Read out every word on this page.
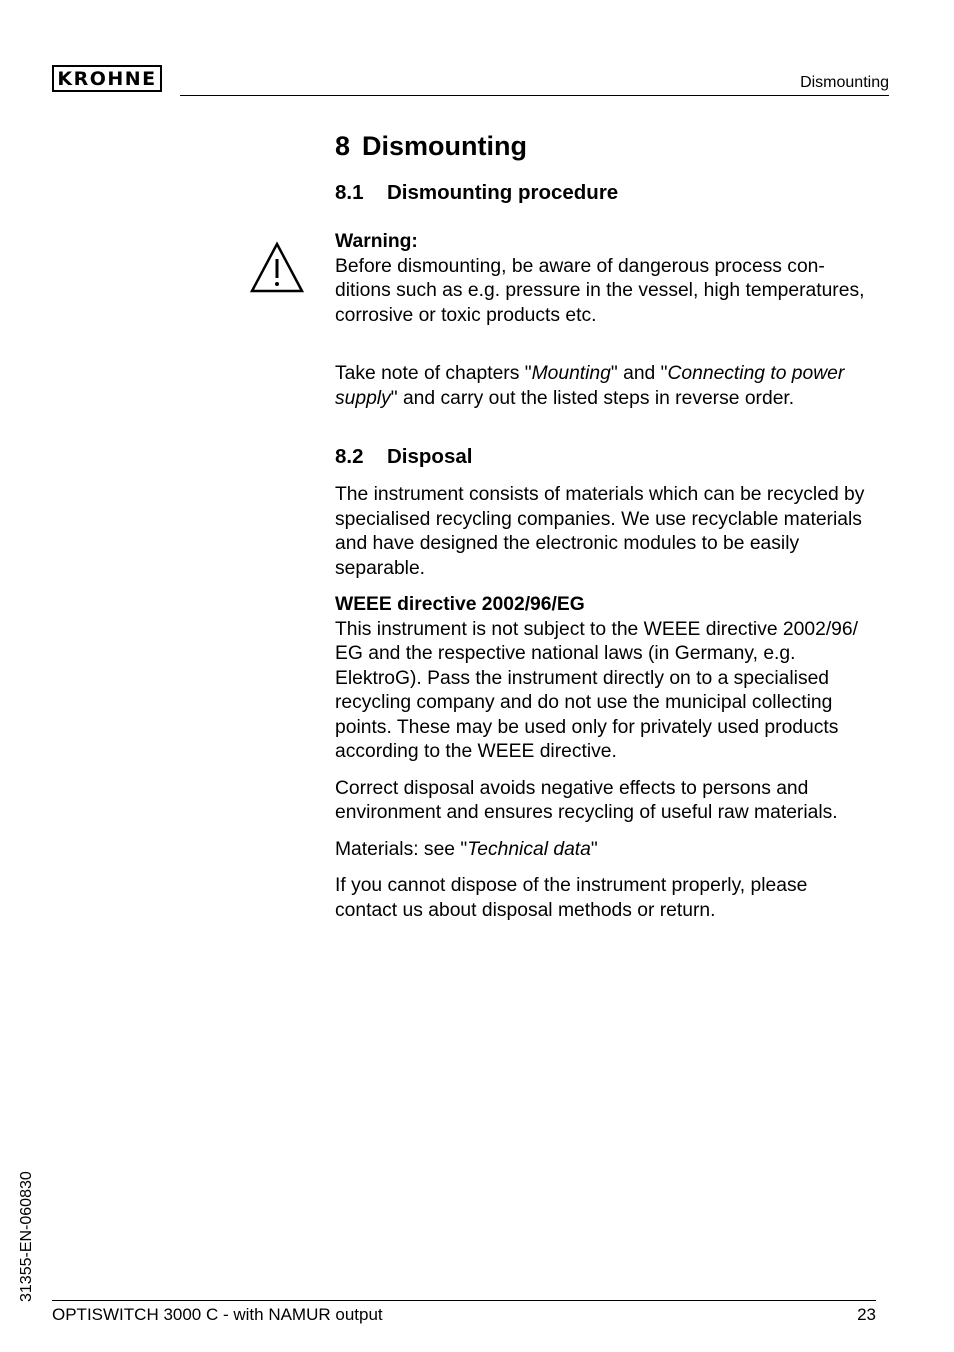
KROHNE	Dismounting
8 Dismounting
8.1 Dismounting procedure

Warning:

Before dismounting, be aware of dangerous process con-
ditions such as e.g. pressure in the vessel, high temperatures,
corrosive or toxic products etc.

Take note of chapters "Mounting" and "Connecting to power
supply" and carry out the listed steps in reverse order.

8.2 Disposal

The instrument consists of materials which can be recycled by
specialised recycling companies. We use recyclable materials
and have designed the electronic modules to be easily
separable.

WEEE directive 2002/96/EG

This instrument is not subject to the WEEE directive 2002/96/
EG and the respective national laws (in Germany, e.g.
ElektroG). Pass the instrument directly on to a specialised
recycling company and do not use the municipal collecting
points. These may be used only for privately used products
according to the WEEE directive.

Correct disposal avoids negative effects to persons and
environment and ensures recycling of useful raw materials.

Materials: see "Technical data"

If you cannot dispose of the instrument properly, please
contact us about disposal methods or return.

31355-EN-060830
OPTISWITCH 3000 C - with NAMUR output	23
